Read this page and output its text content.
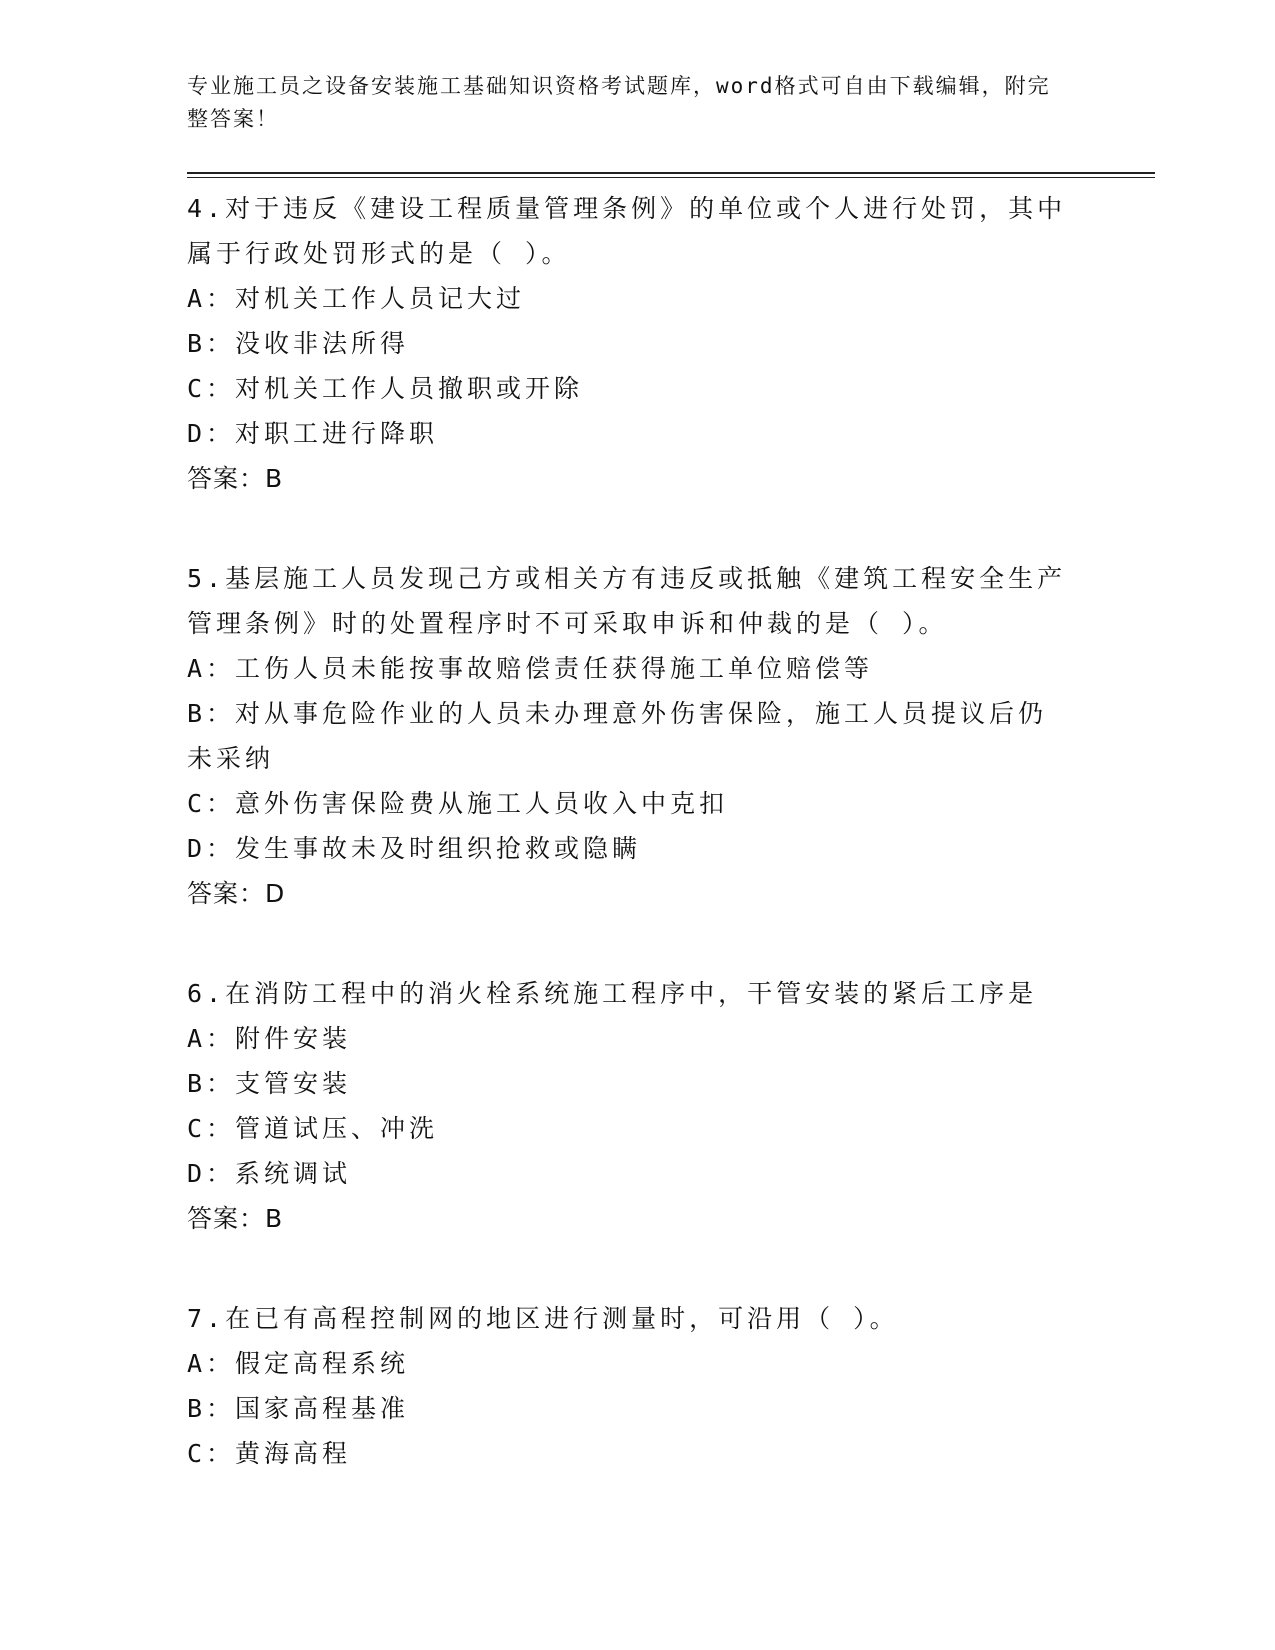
专业施工员之设备安装施工基础知识资格考试题库，word格式可自由下载编辑，附完整答案！

4.对于违反《建设工程质量管理条例》的单位或个人进行处罚，其中属于行政处罚形式的是（ ）。

A：对机关工作人员记大过

B：没收非法所得

C：对机关工作人员撤职或开除

D：对职工进行降职

答案：B

5.基层施工人员发现己方或相关方有违反或抵触《建筑工程安全生产管理条例》时的处置程序时不可采取申诉和仲裁的是（ ）。

A：工伤人员未能按事故赔偿责任获得施工单位赔偿等

B：对从事危险作业的人员未办理意外伤害保险，施工人员提议后仍未采纳

C：意外伤害保险费从施工人员收入中克扣

D：发生事故未及时组织抢救或隐瞒

答案：D

6.在消防工程中的消火栓系统施工程序中，干管安装的紧后工序是

A：附件安装

B：支管安装

C：管道试压、冲洗

D：系统调试

答案：B

7.在已有高程控制网的地区进行测量时，可沿用（ ）。

A：假定高程系统

B：国家高程基准

C：黄海高程
